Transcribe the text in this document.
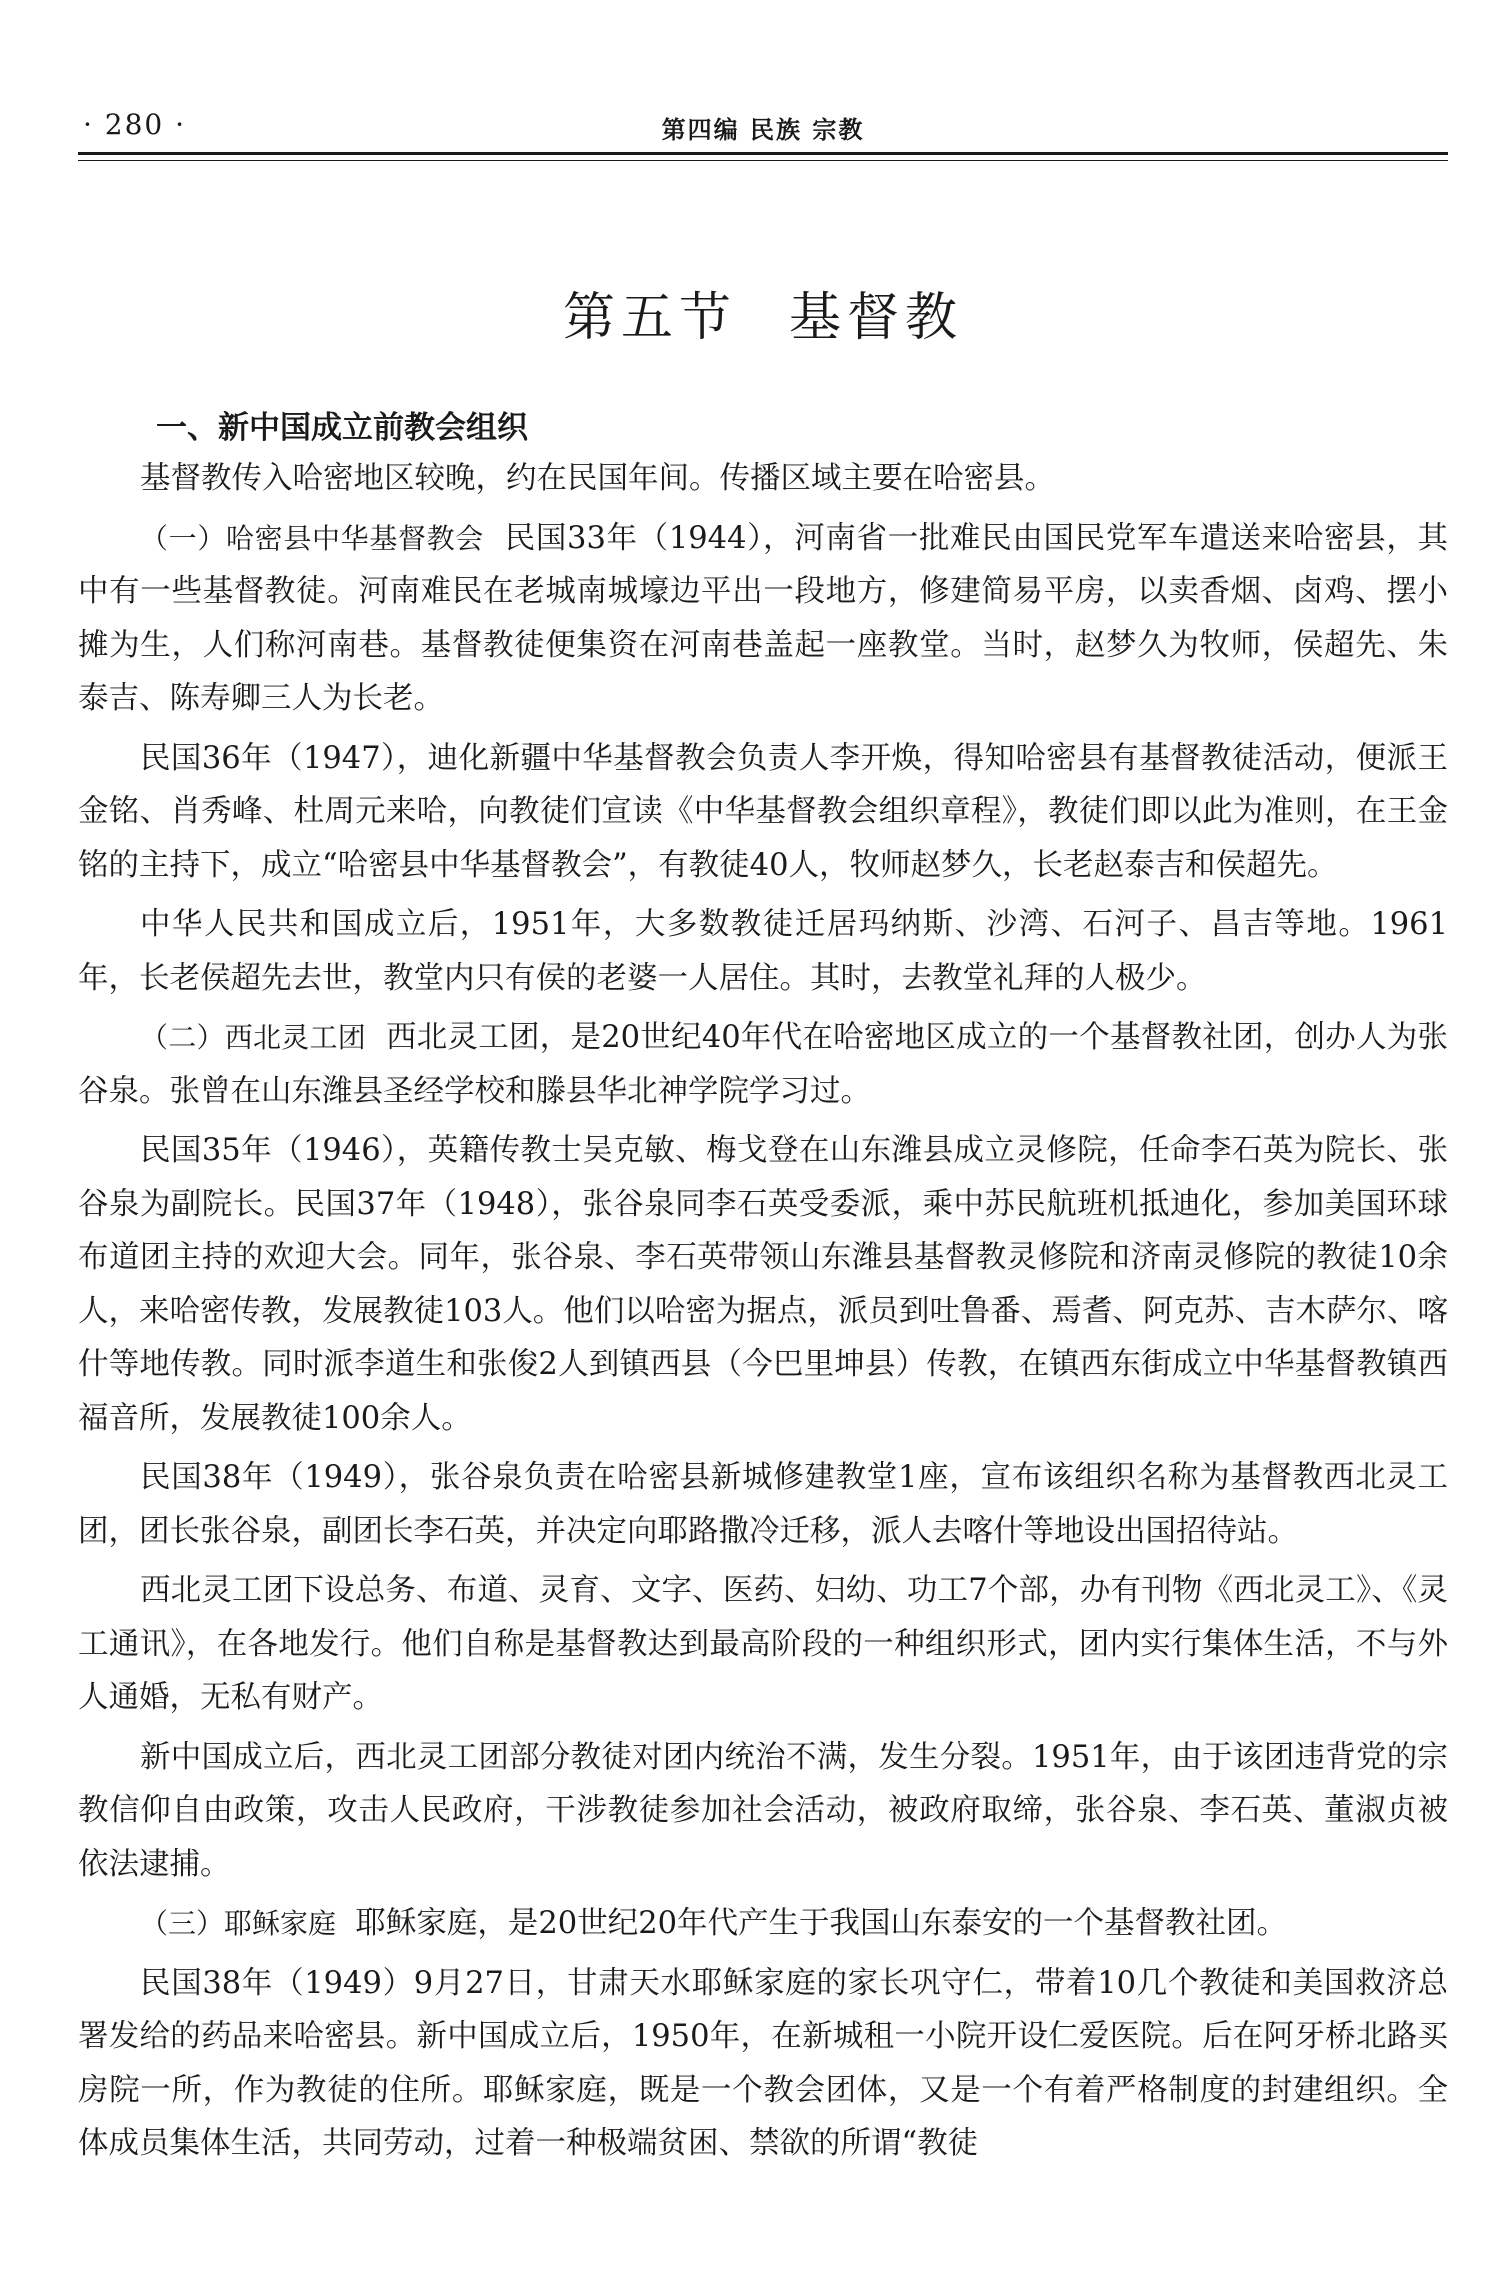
· 280 ·	第四编 民族 宗教
第五节 基督教
一、新中国成立前教会组织

基督教传入哈密地区较晚，约在民国年间。传播区域主要在哈密县。

（一）哈密县中华基督教会 民国33年（1944），河南省一批难民由国民党军车遣送来哈密县，其中有一些基督教徒。河南难民在老城南城壕边平出一段地方，修建简易平房，以卖香烟、卤鸡、摆小摊为生，人们称河南巷。基督教徒便集资在河南巷盖起一座教堂。当时，赵梦久为牧师，侯超先、朱泰吉、陈寿卿三人为长老。

民国36年（1947），迪化新疆中华基督教会负责人李开焕，得知哈密县有基督教徒活动，便派王金铭、肖秀峰、杜周元来哈，向教徒们宣读《中华基督教会组织章程》，教徒们即以此为准则，在王金铭的主持下，成立“哈密县中华基督教会”，有教徒40人，牧师赵梦久，长老赵泰吉和侯超先。

中华人民共和国成立后，1951年，大多数教徒迁居玛纳斯、沙湾、石河子、昌吉等地。1961年，长老侯超先去世，教堂内只有侯的老婆一人居住。其时，去教堂礼拜的人极少。

（二）西北灵工团 西北灵工团，是20世纪40年代在哈密地区成立的一个基督教社团，创办人为张谷泉。张曾在山东潍县圣经学校和滕县华北神学院学习过。

民国35年（1946），英籍传教士吴克敏、梅戈登在山东潍县成立灵修院，任命李石英为院长、张谷泉为副院长。民国37年（1948），张谷泉同李石英受委派，乘中苏民航班机抵迪化，参加美国环球布道团主持的欢迎大会。同年，张谷泉、李石英带领山东潍县基督教灵修院和济南灵修院的教徒10余人，来哈密传教，发展教徒103人。他们以哈密为据点，派员到吐鲁番、焉耆、阿克苏、吉木萨尔、喀什等地传教。同时派李道生和张俊2人到镇西县（今巴里坤县）传教，在镇西东街成立中华基督教镇西福音所，发展教徒100余人。

民国38年（1949），张谷泉负责在哈密县新城修建教堂1座，宣布该组织名称为基督教西北灵工团，团长张谷泉，副团长李石英，并决定向耶路撒冷迁移，派人去喀什等地设出国招待站。

西北灵工团下设总务、布道、灵育、文字、医药、妇幼、功工7个部，办有刊物《西北灵工》、《灵工通讯》，在各地发行。他们自称是基督教达到最高阶段的一种组织形式，团内实行集体生活，不与外人通婚，无私有财产。

新中国成立后，西北灵工团部分教徒对团内统治不满，发生分裂。1951年，由于该团违背党的宗教信仰自由政策，攻击人民政府，干涉教徒参加社会活动，被政府取缔，张谷泉、李石英、董淑贞被依法逮捕。

（三）耶稣家庭 耶稣家庭，是20世纪20年代产生于我国山东泰安的一个基督教社团。

民国38年（1949）9月27日，甘肃天水耶稣家庭的家长巩守仁，带着10几个教徒和美国救济总署发给的药品来哈密县。新中国成立后，1950年，在新城租一小院开设仁爱医院。后在阿牙桥北路买房院一所，作为教徒的住所。耶稣家庭，既是一个教会团体，又是一个有着严格制度的封建组织。全体成员集体生活，共同劳动，过着一种极端贫困、禁欲的所谓“教徒
